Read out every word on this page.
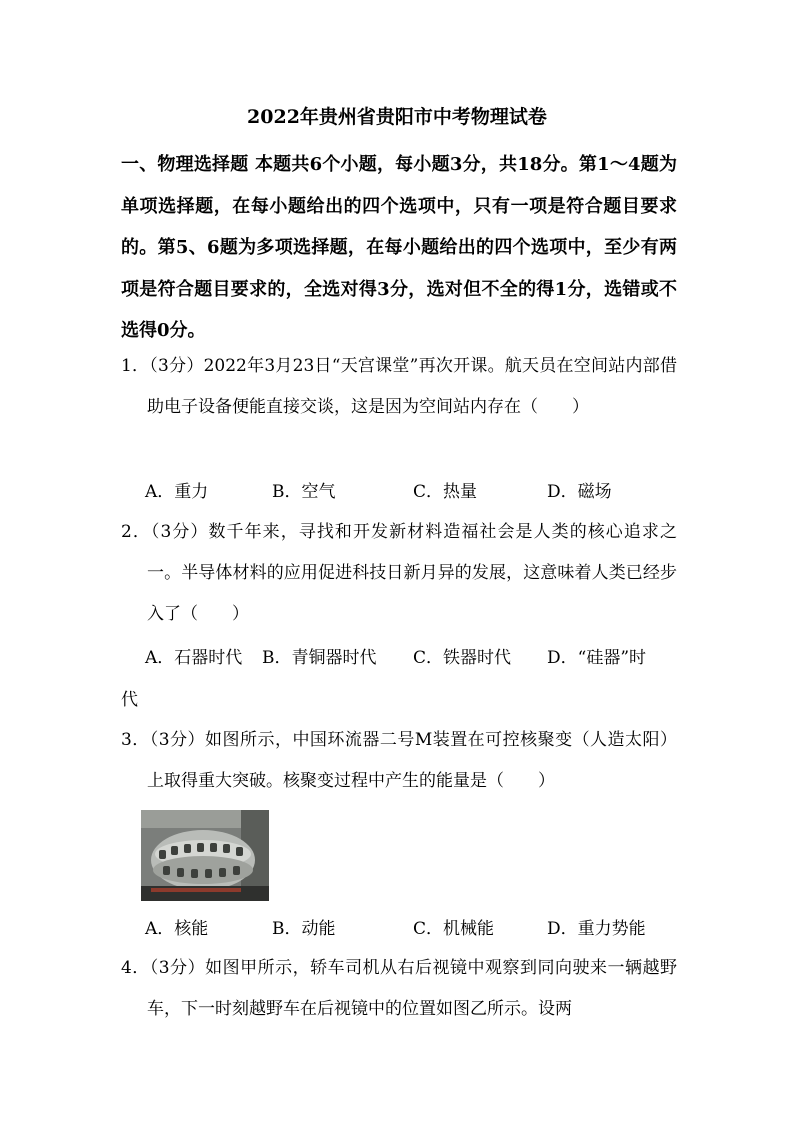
2022年贵州省贵阳市中考物理试卷
一、物理选择题 本题共6个小题，每小题3分，共18分。第1～4题为单项选择题，在每小题给出的四个选项中，只有一项是符合题目要求的。第5、6题为多项选择题，在每小题给出的四个选项中，至少有两项是符合题目要求的，全选对得3分，选对但不全的得1分，选错或不选得0分。
1．（3分）2022年3月23日“天宫课堂”再次开课。航天员在空间站内部借助电子设备便能直接交谈，这是因为空间站内存在（　　）
A．重力	B．空气	C．热量	D．磁场
2．（3分）数千年来，寻找和开发新材料造福社会是人类的核心追求之一。半导体材料的应用促进科技日新月异的发展，这意味着人类已经步入了（　　）
A．石器时代 B．青铜器时代 C．铁器时代 D．“硅器”时
代
3．（3分）如图所示，中国环流器二号M装置在可控核聚变（人造太阳）上取得重大突破。核聚变过程中产生的能量是（　　）
A．核能	B．动能	C．机械能	D．重力势能
4．（3分）如图甲所示，轿车司机从右后视镜中观察到同向驶来一辆越野车，下一时刻越野车在后视镜中的位置如图乙所示。设两
